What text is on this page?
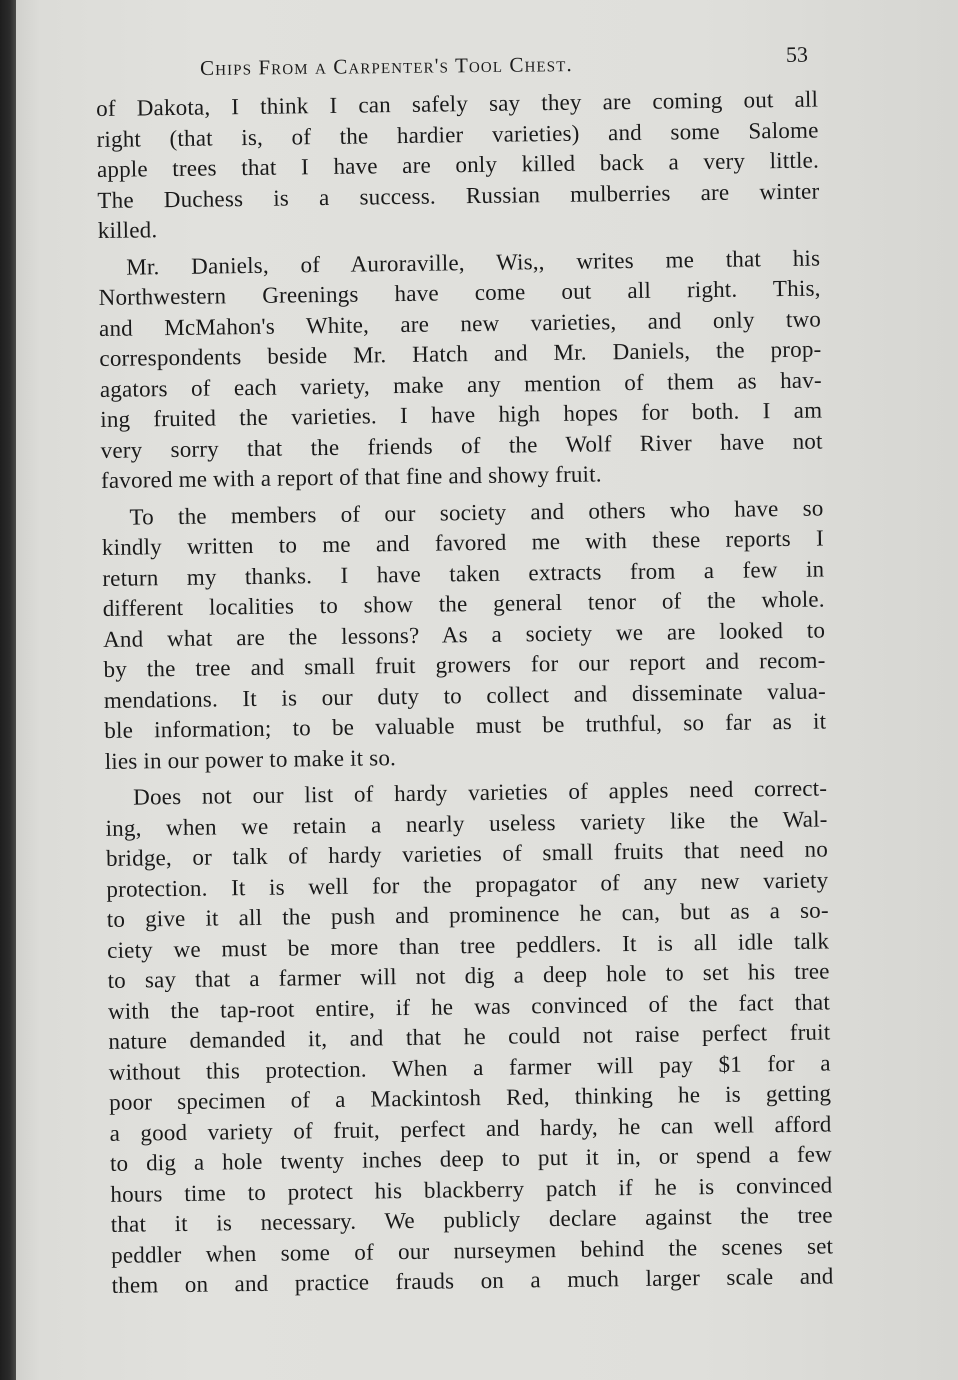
Chips From a Carpenter's Tool Chest.	53
of Dakota, I think I can safely say they are coming out all
right (that is, of the hardier varieties) and some Salome
apple trees that I have are only killed back a very little.
The Duchess is a success. Russian mulberries are winter
killed.
Mr. Daniels, of Auroraville, Wis,, writes me that his
Northwestern Greenings have come out all right. This,
and McMahon's White, are new varieties, and only two
correspondents beside Mr. Hatch and Mr. Daniels, the prop-
agators of each variety, make any mention of them as hav-
ing fruited the varieties. I have high hopes for both. I am
very sorry that the friends of the Wolf River have not
favored me with a report of that fine and showy fruit.
To the members of our society and others who have so
kindly written to me and favored me with these reports I
return my thanks. I have taken extracts from a few in
different localities to show the general tenor of the whole.
And what are the lessons? As a society we are looked to
by the tree and small fruit growers for our report and recom-
mendations. It is our duty to collect and disseminate valua-
ble information; to be valuable must be truthful, so far as it
lies in our power to make it so.
Does not our list of hardy varieties of apples need correct-
ing, when we retain a nearly useless variety like the Wal-
bridge, or talk of hardy varieties of small fruits that need no
protection. It is well for the propagator of any new variety
to give it all the push and prominence he can, but as a so-
ciety we must be more than tree peddlers. It is all idle talk
to say that a farmer will not dig a deep hole to set his tree
with the tap-root entire, if he was convinced of the fact that
nature demanded it, and that he could not raise perfect fruit
without this protection. When a farmer will pay $1 for a
poor specimen of a Mackintosh Red, thinking he is getting
a good variety of fruit, perfect and hardy, he can well afford
to dig a hole twenty inches deep to put it in, or spend a few
hours time to protect his blackberry patch if he is convinced
that it is necessary. We publicly declare against the tree
peddler when some of our nurseymen behind the scenes set
them on and practice frauds on a much larger scale and
